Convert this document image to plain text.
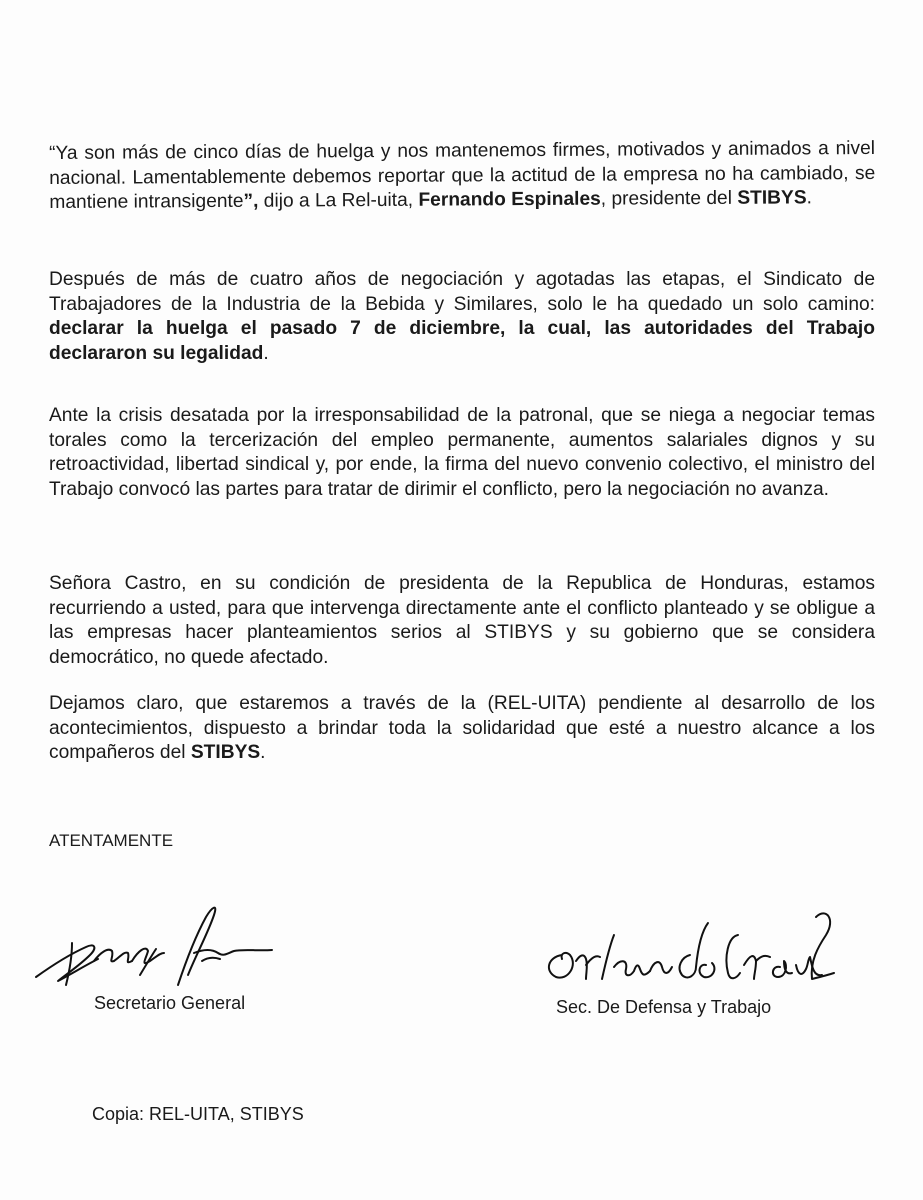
“Ya son más de cinco días de huelga y nos mantenemos firmes, motivados y animados a nivel nacional. Lamentablemente debemos reportar que la actitud de la empresa no ha cambiado, se mantiene intransigente”, dijo a La Rel-uita, Fernando Espinales, presidente del STIBYS.

Después de más de cuatro años de negociación y agotadas las etapas, el Sindicato de Trabajadores de la Industria de la Bebida y Similares, solo le ha quedado un solo camino: declarar la huelga el pasado 7 de diciembre, la cual, las autoridades del Trabajo declararon su legalidad.

Ante la crisis desatada por la irresponsabilidad de la patronal, que se niega a negociar temas torales como la tercerización del empleo permanente, aumentos salariales dignos y su retroactividad, libertad sindical y, por ende, la firma del nuevo convenio colectivo, el ministro del Trabajo convocó las partes para tratar de dirimir el conflicto, pero la negociación no avanza.

Señora Castro, en su condición de presidenta de la Republica de Honduras, estamos recurriendo a usted, para que intervenga directamente ante el conflicto planteado y se obligue a las empresas hacer planteamientos serios al STIBYS y su gobierno que se considera democrático, no quede afectado.

Dejamos claro, que estaremos a través de la (REL-UITA) pendiente al desarrollo de los acontecimientos, dispuesto a brindar toda la solidaridad que esté a nuestro alcance a los compañeros del STIBYS.

ATENTAMENTE

Secretario General	Sec. De Defensa y Trabajo

Copia: REL-UITA, STIBYS
